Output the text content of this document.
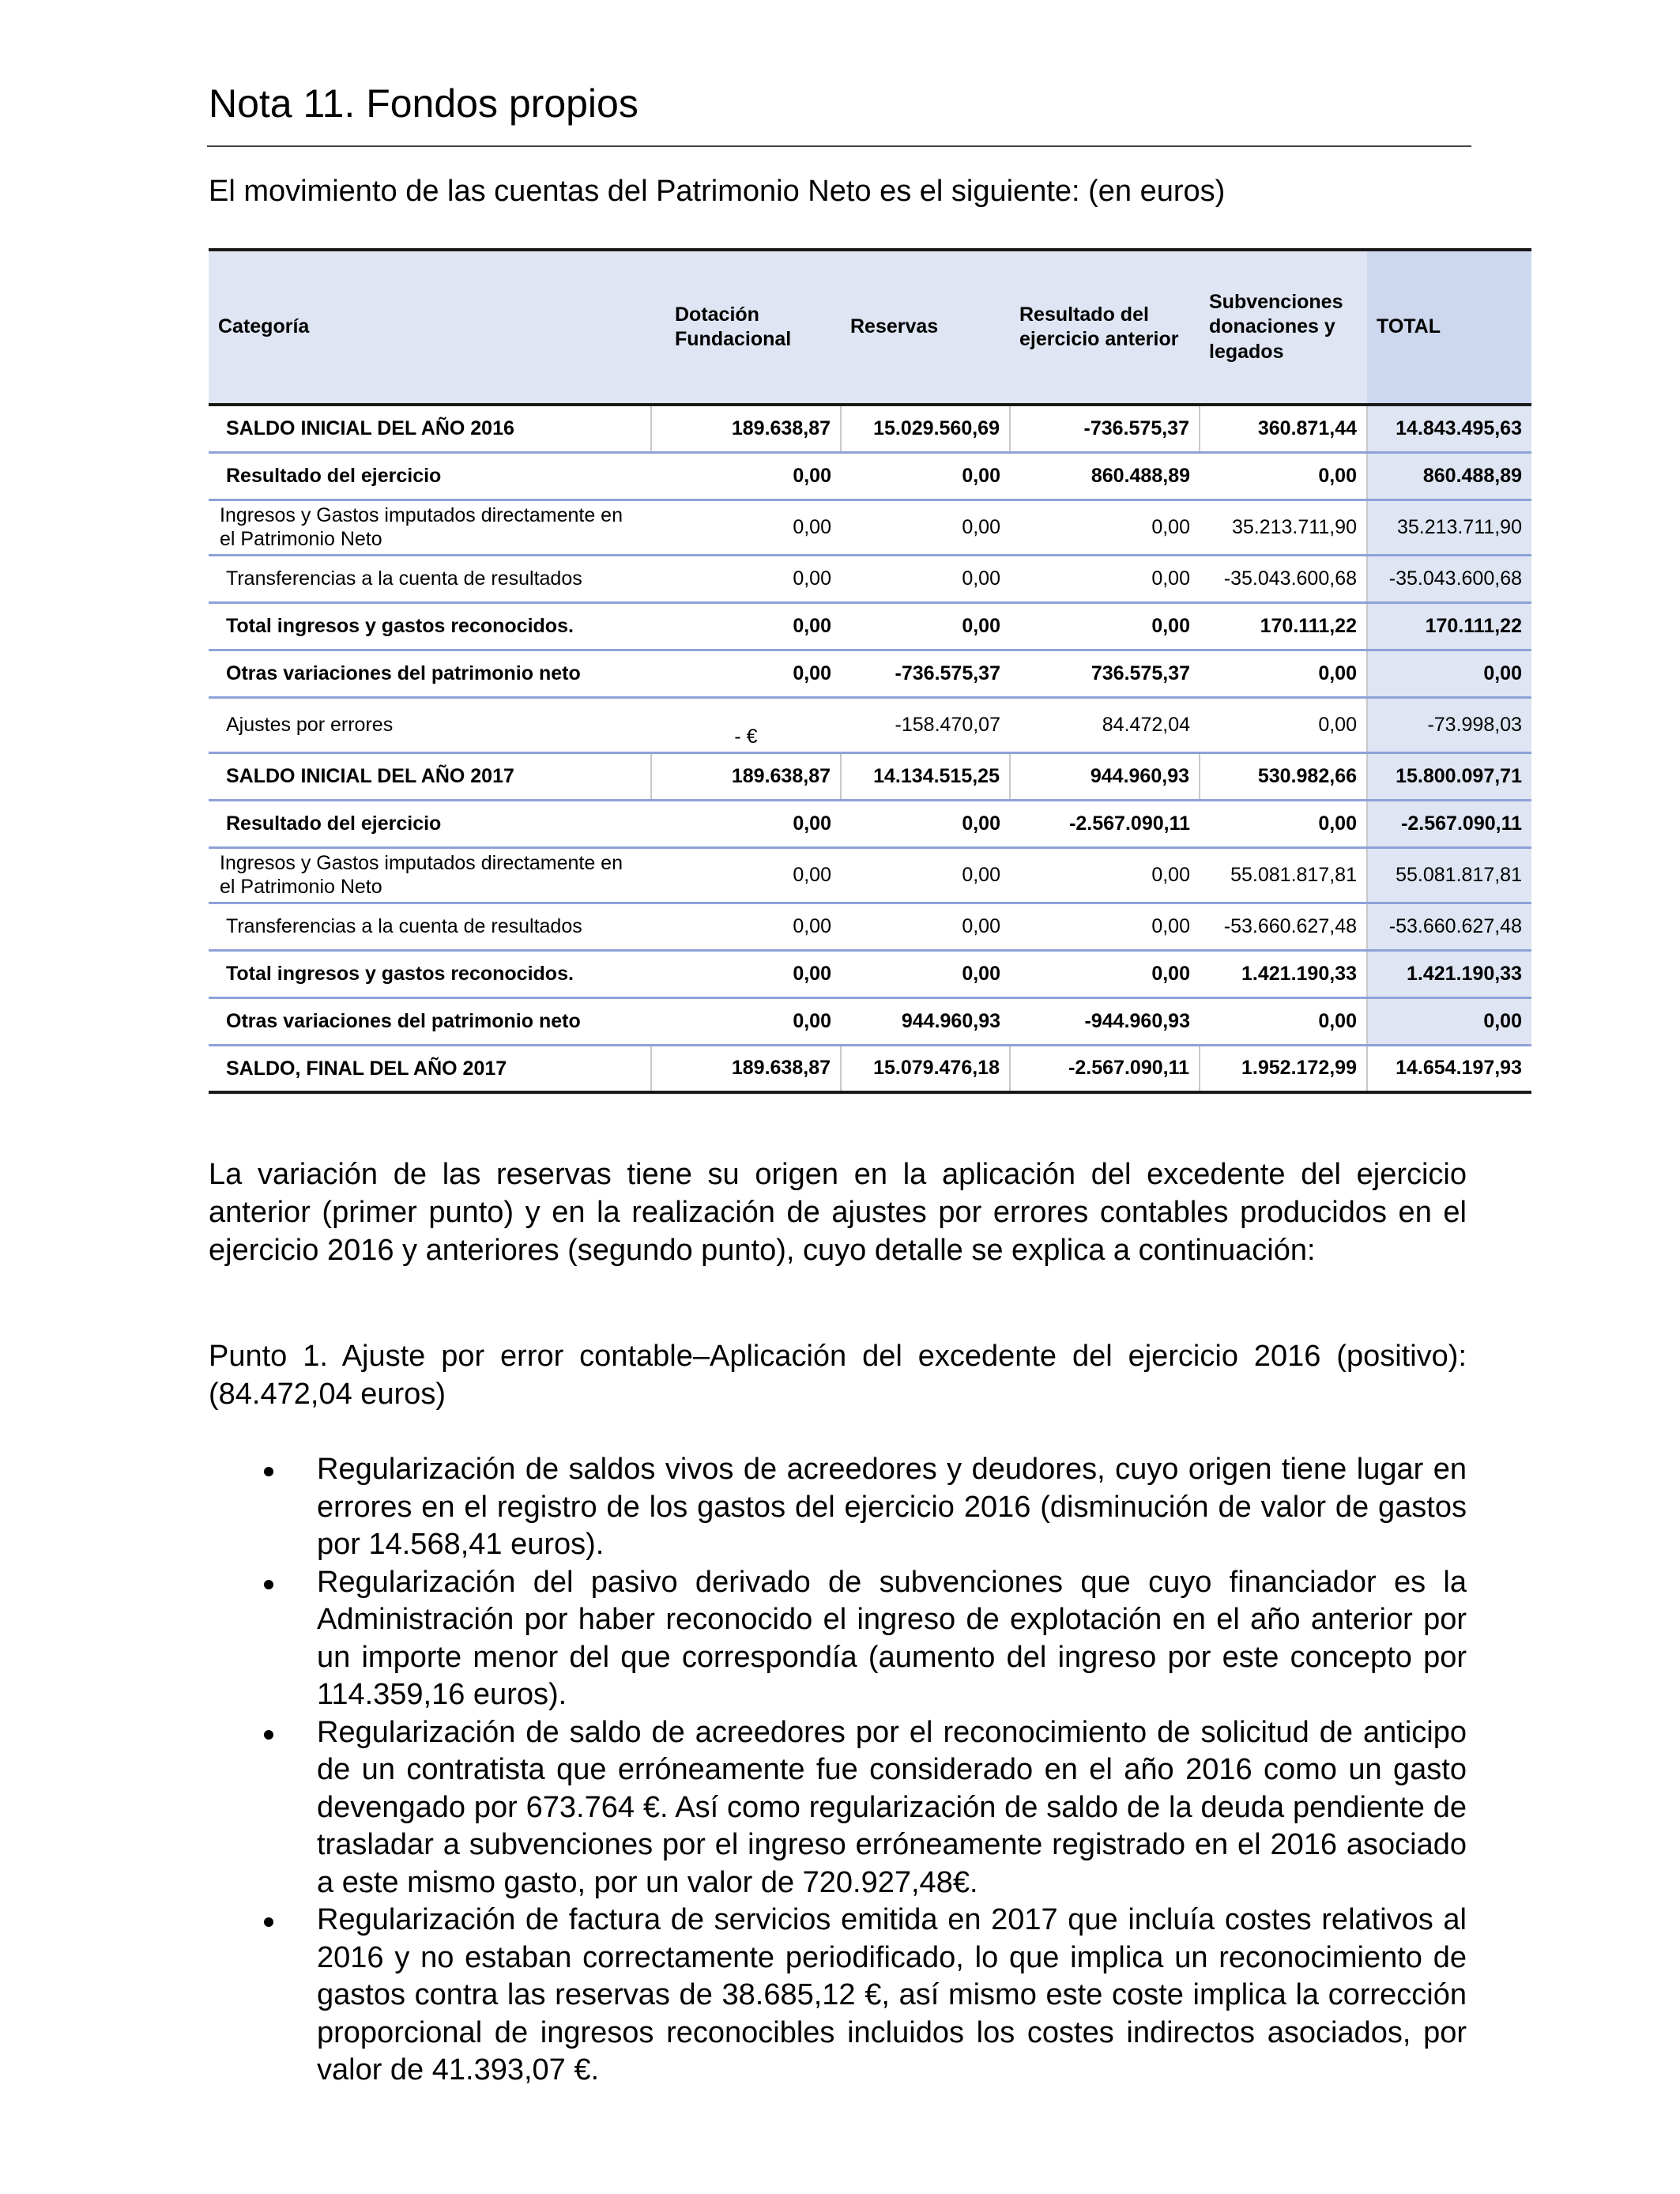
Nota 11. Fondos propios
El movimiento de las cuentas del Patrimonio Neto es el siguiente: (en euros)
Categoría	Dotación Fundacional	Reservas	Resultado del ejercicio anterior	Subvenciones donaciones y legados	TOTAL
SALDO INICIAL DEL AÑO 2016	189.638,87	15.029.560,69	-736.575,37	360.871,44	14.843.495,63
Resultado del ejercicio	0,00	0,00	860.488,89	0,00	860.488,89
Ingresos y Gastos imputados directamente en el Patrimonio Neto	0,00	0,00	0,00	35.213.711,90	35.213.711,90
Transferencias a la cuenta de resultados	0,00	0,00	0,00	-35.043.600,68	-35.043.600,68
Total ingresos y gastos reconocidos.	0,00	0,00	0,00	170.111,22	170.111,22
Otras variaciones del patrimonio neto	0,00	-736.575,37	736.575,37	0,00	0,00
Ajustes por errores	- €	-158.470,07	84.472,04	0,00	-73.998,03
SALDO INICIAL DEL AÑO 2017	189.638,87	14.134.515,25	944.960,93	530.982,66	15.800.097,71
Resultado del ejercicio	0,00	0,00	-2.567.090,11	0,00	-2.567.090,11
Ingresos y Gastos imputados directamente en el Patrimonio Neto	0,00	0,00	0,00	55.081.817,81	55.081.817,81
Transferencias a la cuenta de resultados	0,00	0,00	0,00	-53.660.627,48	-53.660.627,48
Total ingresos y gastos reconocidos.	0,00	0,00	0,00	1.421.190,33	1.421.190,33
Otras variaciones del patrimonio neto	0,00	944.960,93	-944.960,93	0,00	0,00
SALDO, FINAL DEL AÑO 2017	189.638,87	15.079.476,18	-2.567.090,11	1.952.172,99	14.654.197,93
La variación de las reservas tiene su origen en la aplicación del excedente del ejercicio anterior (primer punto) y en la realización de ajustes por errores contables producidos en el ejercicio 2016 y anteriores (segundo punto), cuyo detalle se explica a continuación:
Punto 1. Ajuste por error contable–Aplicación del excedente del ejercicio 2016 (positivo): (84.472,04 euros)
Regularización de saldos vivos de acreedores y deudores, cuyo origen tiene lugar en errores en el registro de los gastos del ejercicio 2016 (disminución de valor de gastos por 14.568,41 euros).
Regularización del pasivo derivado de subvenciones que cuyo financiador es la Administración por haber reconocido el ingreso de explotación en el año anterior por un importe menor del que correspondía (aumento del ingreso por este concepto por 114.359,16 euros).
Regularización de saldo de acreedores por el reconocimiento de solicitud de anticipo de un contratista que erróneamente fue considerado en el año 2016 como un gasto devengado por 673.764 €. Así como regularización de saldo de la deuda pendiente de trasladar a subvenciones por el ingreso erróneamente registrado en el 2016 asociado a este mismo gasto, por un valor de 720.927,48€.
Regularización de factura de servicios emitida en 2017 que incluía costes relativos al 2016 y no estaban correctamente periodificado, lo que implica un reconocimiento de gastos contra las reservas de 38.685,12 €, así mismo este coste implica la corrección proporcional de ingresos reconocibles incluidos los costes indirectos asociados, por valor de 41.393,07 €.
